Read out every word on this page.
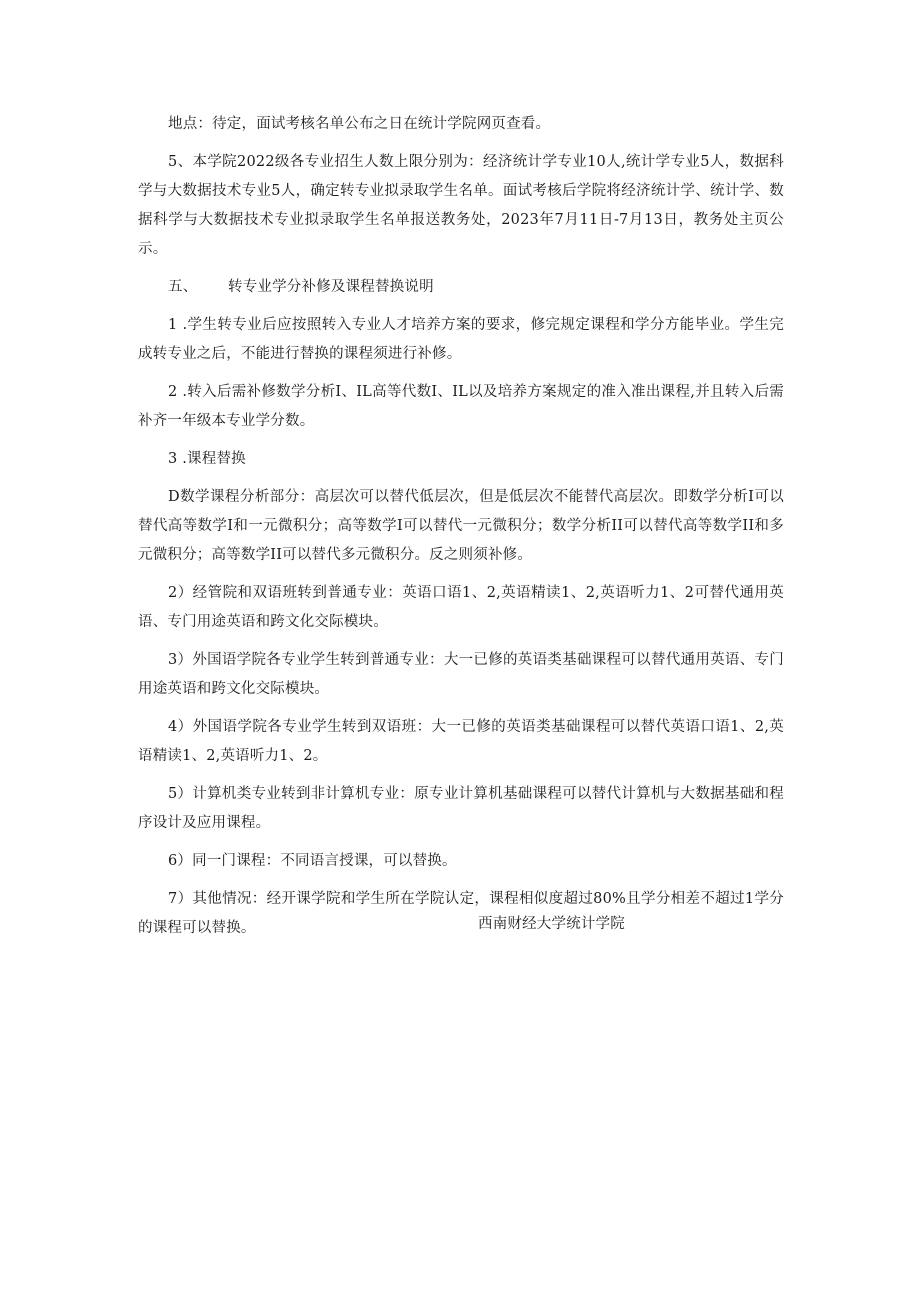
地点：待定，面试考核名单公布之日在统计学院网页查看。

5、本学院2022级各专业招生人数上限分别为：经济统计学专业10人,统计学专业5人，数据科学与大数据技术专业5人，确定转专业拟录取学生名单。面试考核后学院将经济统计学、统计学、数据科学与大数据技术专业拟录取学生名单报送教务处，2023年7月11日-7月13日，教务处主页公示。

五、 转专业学分补修及课程替换说明

1 .学生转专业后应按照转入专业人才培养方案的要求，修完规定课程和学分方能毕业。学生完成转专业之后，不能进行替换的课程须进行补修。

2 .转入后需补修数学分析I、IL高等代数I、IL以及培养方案规定的准入准出课程,并且转入后需补齐一年级本专业学分数。

3 .课程替换

D数学课程分析部分：高层次可以替代低层次，但是低层次不能替代高层次。即数学分析I可以替代高等数学I和一元微积分；高等数学I可以替代一元微积分；数学分析II可以替代高等数学II和多元微积分；高等数学II可以替代多元微积分。反之则须补修。

2）经管院和双语班转到普通专业：英语口语1、2,英语精读1、2,英语听力1、2可替代通用英语、专门用途英语和跨文化交际模块。

3）外国语学院各专业学生转到普通专业：大一已修的英语类基础课程可以替代通用英语、专门用途英语和跨文化交际模块。

4）外国语学院各专业学生转到双语班：大一已修的英语类基础课程可以替代英语口语1、2,英语精读1、2,英语听力1、2。

5）计算机类专业转到非计算机专业：原专业计算机基础课程可以替代计算机与大数据基础和程序设计及应用课程。

6）同一门课程：不同语言授课，可以替换。

7）其他情况：经开课学院和学生所在学院认定，课程相似度超过80%且学分相差不超过1学分的课程可以替换。	西南财经大学统计学院
